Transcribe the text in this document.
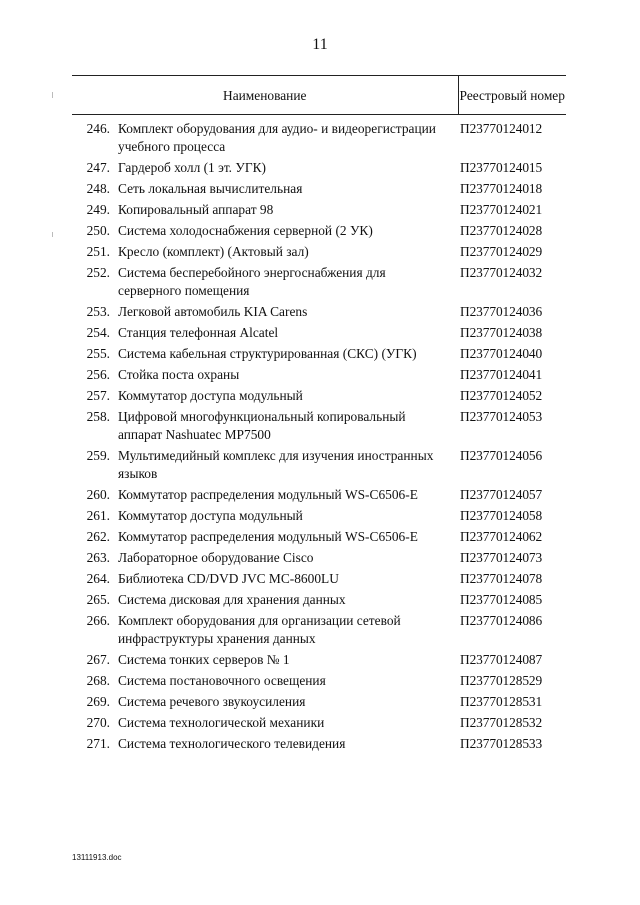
11
Наименование		Реестровый номер
246.	Комплект оборудования для аудио- и видеорегистрации учебного процесса	П23770124012
247.	Гардероб холл (1 эт. УГК)	П23770124015
248.	Сеть локальная вычислительная	П23770124018
249.	Копировальный аппарат 98	П23770124021
250.	Система холодоснабжения серверной (2 УК)	П23770124028
251.	Кресло (комплект) (Актовый зал)	П23770124029
252.	Система бесперебойного энергоснабжения для серверного помещения	П23770124032
253.	Легковой автомобиль KIA Carens	П23770124036
254.	Станция телефонная Alcatel	П23770124038
255.	Система кабельная структурированная (СКС) (УГК)	П23770124040
256.	Стойка поста охраны	П23770124041
257.	Коммутатор доступа модульный	П23770124052
258.	Цифровой многофункциональный копировальный аппарат Nashuatec MP7500	П23770124053
259.	Мультимедийный комплекс для изучения иностранных языков	П23770124056
260.	Коммутатор распределения модульный WS-C6506-E	П23770124057
261.	Коммутатор доступа модульный	П23770124058
262.	Коммутатор распределения модульный WS-C6506-E	П23770124062
263.	Лабораторное оборудование Cisco	П23770124073
264.	Библиотека CD/DVD JVC MC-8600LU	П23770124078
265.	Система дисковая для хранения данных	П23770124085
266.	Комплект оборудования для организации сетевой инфраструктуры хранения данных	П23770124086
267.	Система тонких серверов № 1	П23770124087
268.	Система постановочного освещения	П23770128529
269.	Система речевого звукоусиления	П23770128531
270.	Система технологической механики	П23770128532
271.	Система технологического телевидения	П23770128533
13111913.doc
